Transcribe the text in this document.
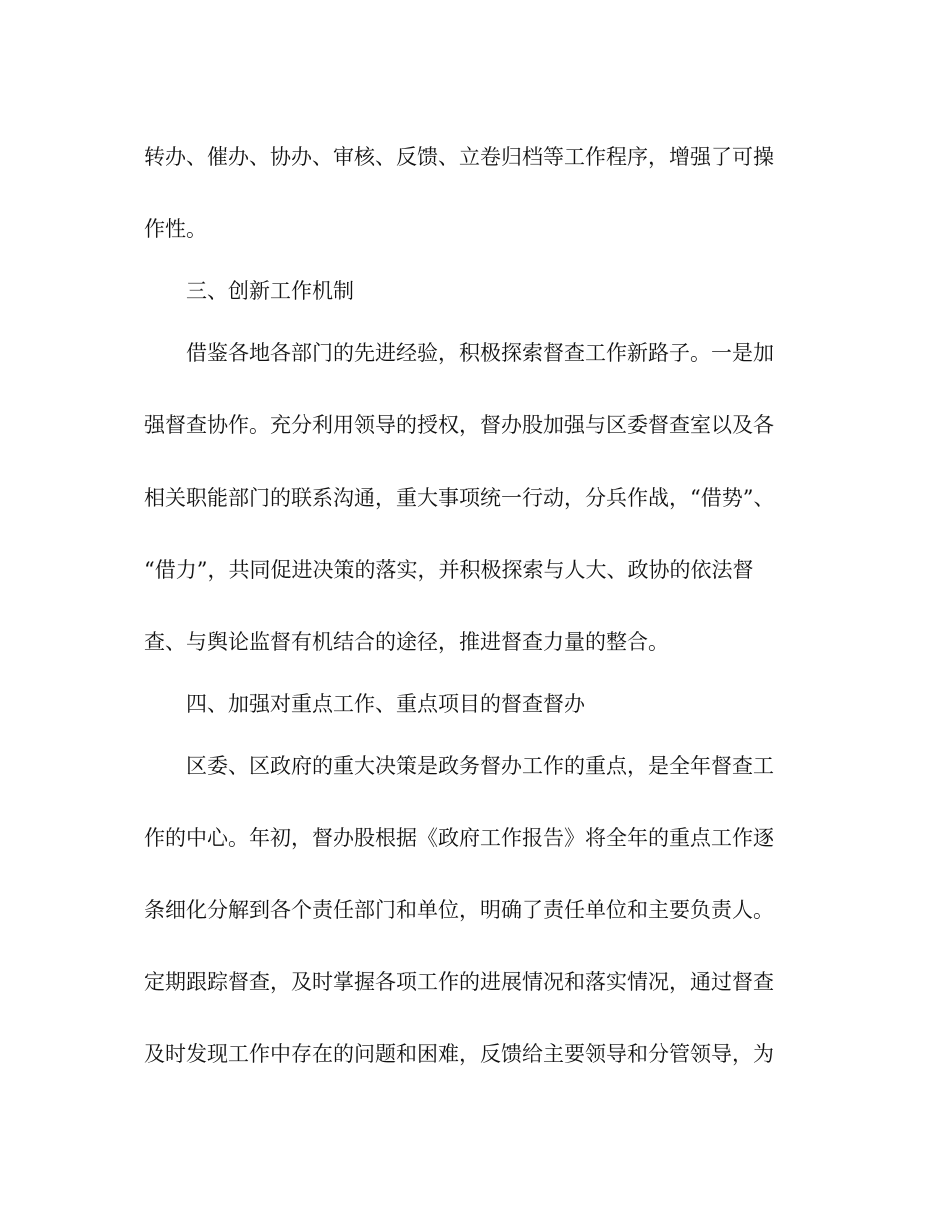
转办、催办、协办、审核、反馈、立卷归档等工作程序，增强了可操

作性。

三、创新工作机制

借鉴各地各部门的先进经验，积极探索督查工作新路子。一是加

强督查协作。充分利用领导的授权，督办股加强与区委督查室以及各

相关职能部门的联系沟通，重大事项统一行动，分兵作战，“借势”、

“借力”，共同促进决策的落实，并积极探索与人大、政协的依法督

查、与舆论监督有机结合的途径，推进督查力量的整合。

四、加强对重点工作、重点项目的督查督办

区委、区政府的重大决策是政务督办工作的重点，是全年督查工

作的中心。年初，督办股根据《政府工作报告》将全年的重点工作逐

条细化分解到各个责任部门和单位，明确了责任单位和主要负责人。

定期跟踪督查，及时掌握各项工作的进展情况和落实情况，通过督查

及时发现工作中存在的问题和困难，反馈给主要领导和分管领导，为
